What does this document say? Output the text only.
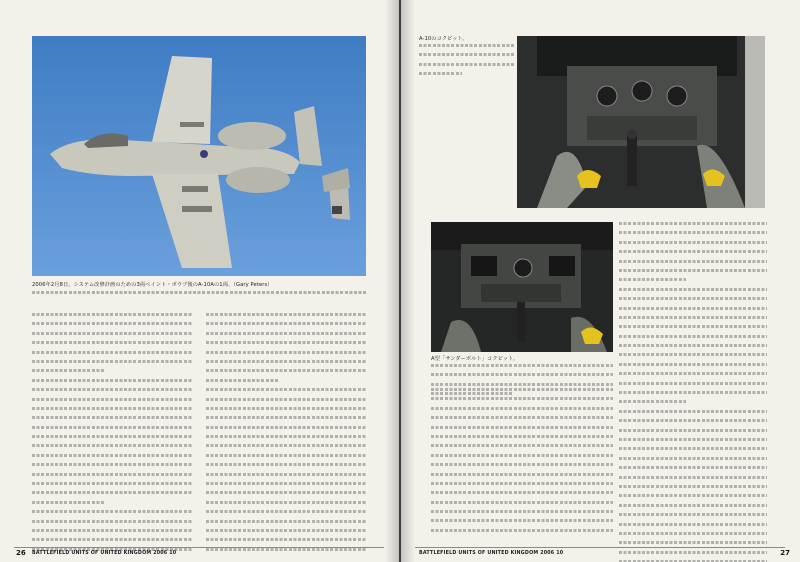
2006年2月8日、システム改修計画のための3両ペイント・ボウブ後のA-10Aの1両、（Gary Peters）
26 BATTLEFIELD UNITS OF UNITED KINGDOM 2006 10
A-10のコクピット。
A型「サンダーボルト」コクピット。
BATTLEFIELD UNITS OF UNITED KINGDOM 2006 10	27
